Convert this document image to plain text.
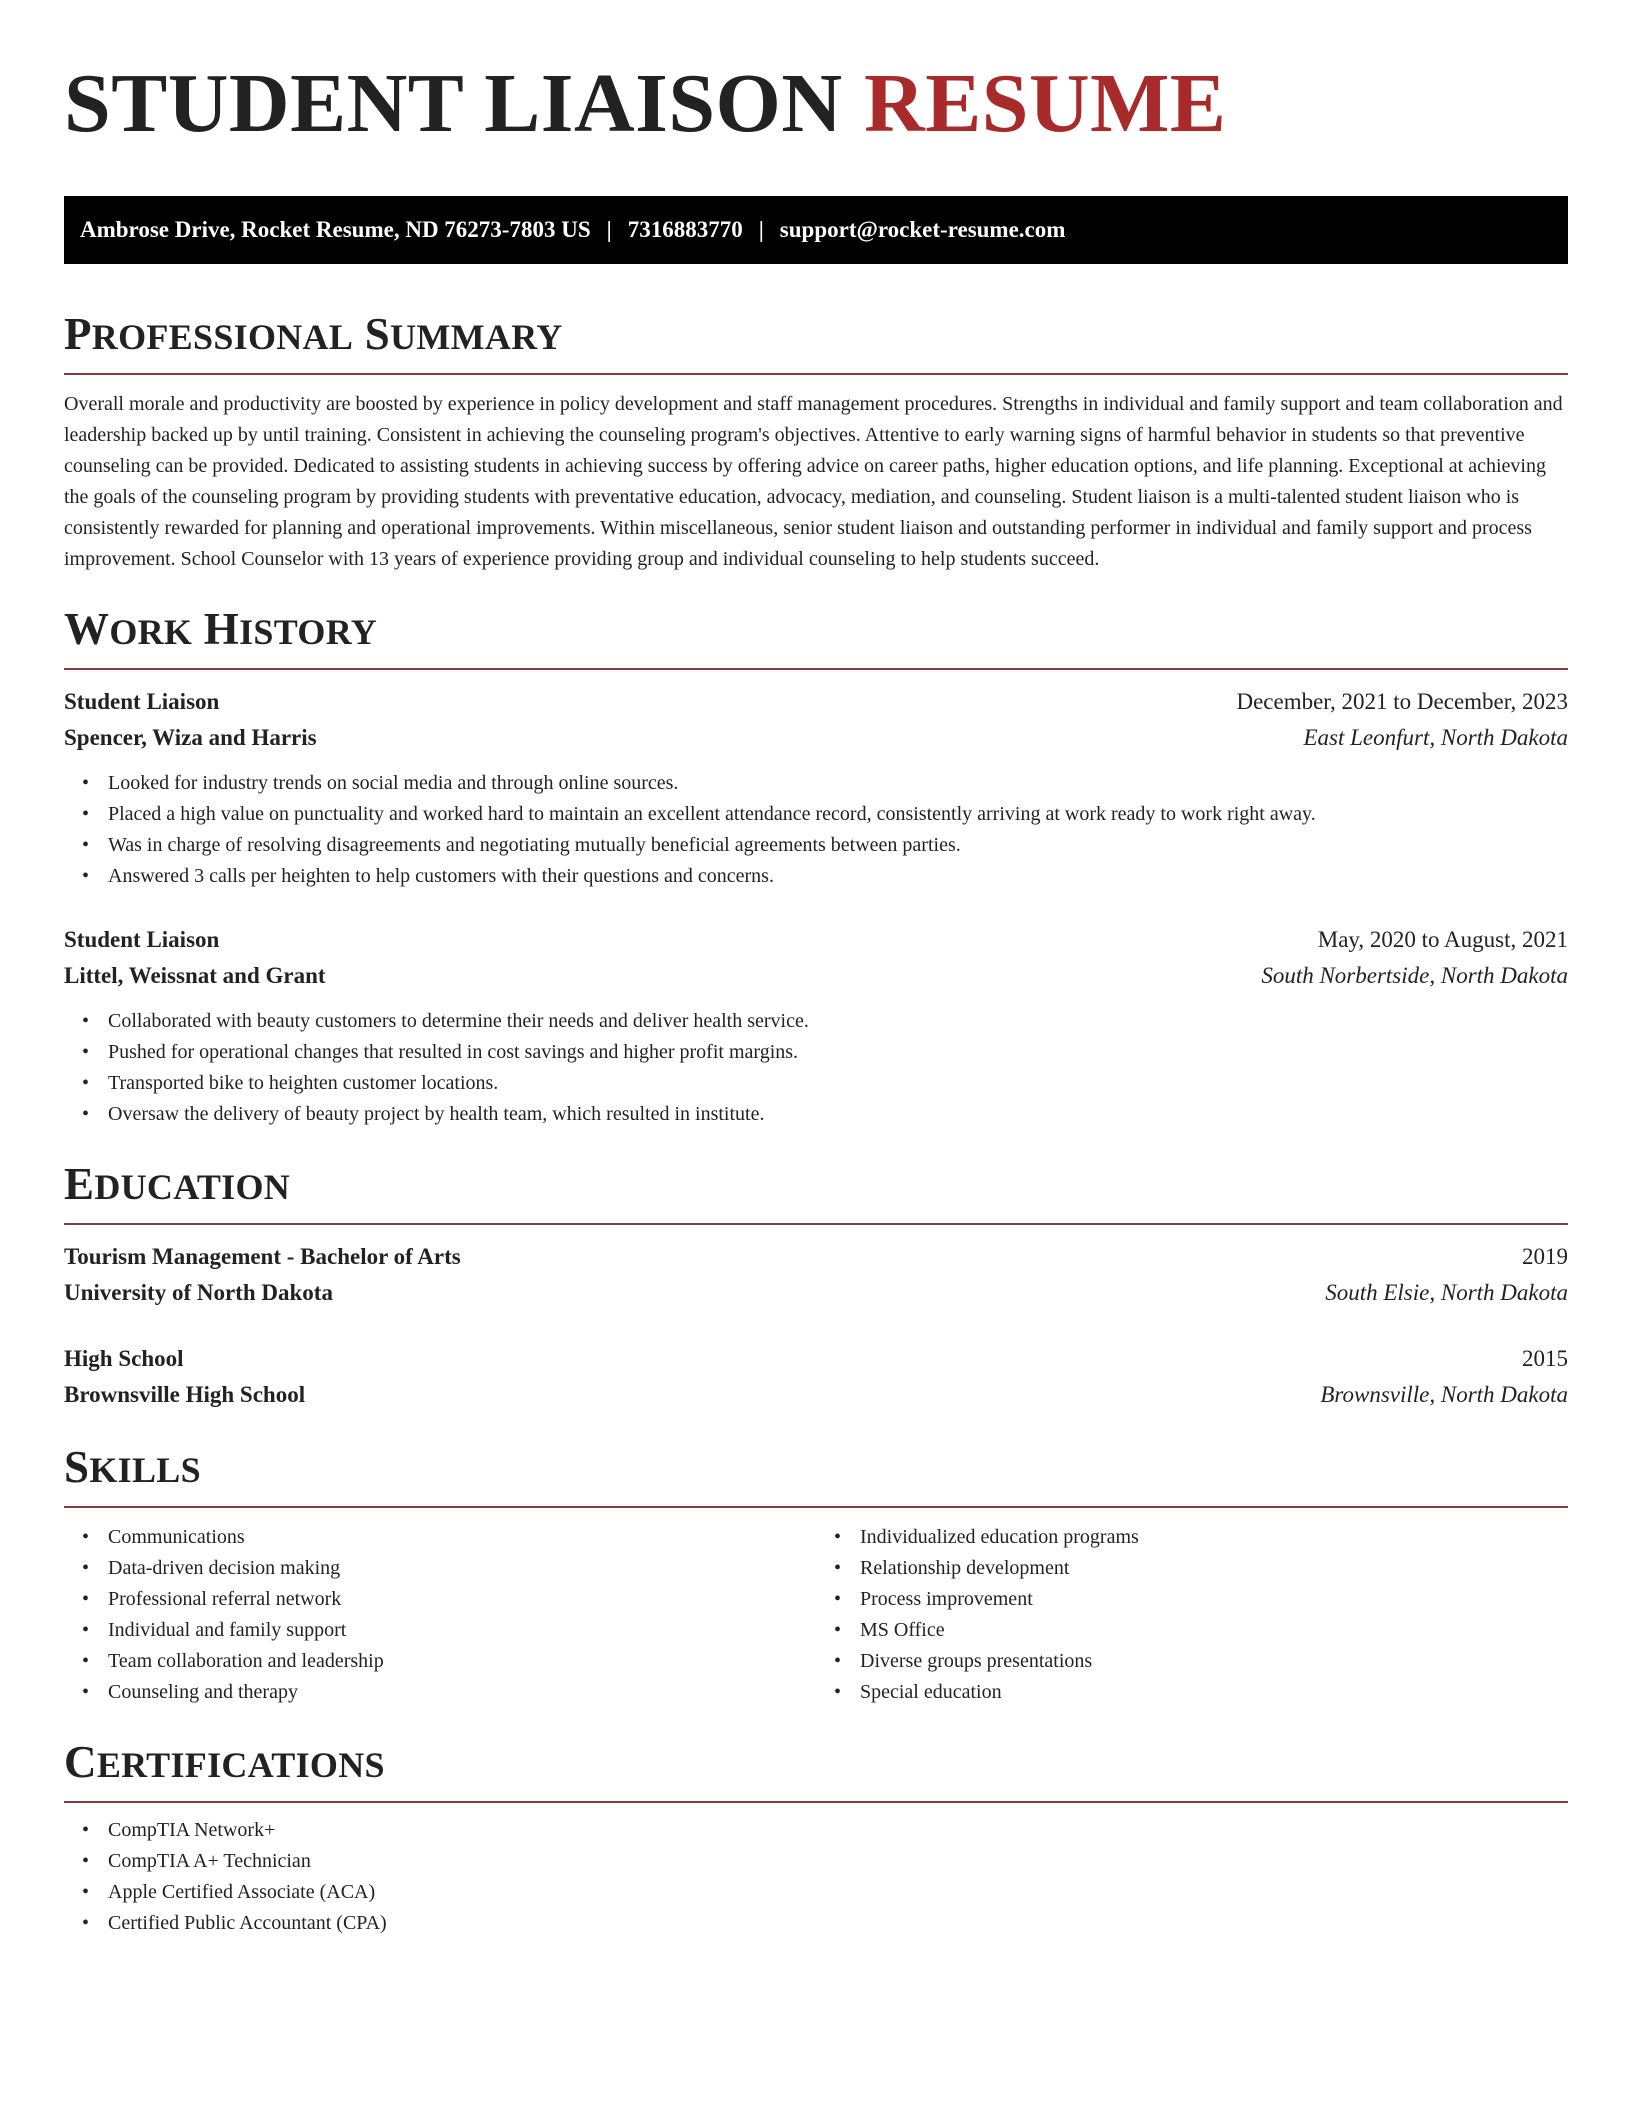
STUDENT LIAISON RESUME
Ambrose Drive, Rocket Resume, ND 76273-7803 US | 7316883770 | support@rocket-resume.com
PROFESSIONAL SUMMARY

Overall morale and productivity are boosted by experience in policy development and staff management procedures. Strengths in individual and family support and team collaboration and leadership backed up by until training. Consistent in achieving the counseling program's objectives. Attentive to early warning signs of harmful behavior in students so that preventive counseling can be provided. Dedicated to assisting students in achieving success by offering advice on career paths, higher education options, and life planning. Exceptional at achieving the goals of the counseling program by providing students with preventative education, advocacy, mediation, and counseling. Student liaison is a multi-talented student liaison who is consistently rewarded for planning and operational improvements. Within miscellaneous, senior student liaison and outstanding performer in individual and family support and process improvement. School Counselor with 13 years of experience providing group and individual counseling to help students succeed.

WORK HISTORY
Student Liaison	December, 2021 to December, 2023
Spencer, Wiza and Harris	East Leonfurt, North Dakota
• Looked for industry trends on social media and through online sources.
• Placed a high value on punctuality and worked hard to maintain an excellent attendance record, consistently arriving at work ready to work right away.
• Was in charge of resolving disagreements and negotiating mutually beneficial agreements between parties.
• Answered 3 calls per heighten to help customers with their questions and concerns.
Student Liaison	May, 2020 to August, 2021
Littel, Weissnat and Grant	South Norbertside, North Dakota
• Collaborated with beauty customers to determine their needs and deliver health service.
• Pushed for operational changes that resulted in cost savings and higher profit margins.
• Transported bike to heighten customer locations.
• Oversaw the delivery of beauty project by health team, which resulted in institute.
EDUCATION
Tourism Management - Bachelor of Arts	2019
University of North Dakota	South Elsie, North Dakota
High School	2015
Brownsville High School	Brownsville, North Dakota
SKILLS
• Communications
• Data-driven decision making
• Professional referral network
• Individual and family support
• Team collaboration and leadership
• Counseling and therapy
• Individualized education programs
• Relationship development
• Process improvement
• MS Office
• Diverse groups presentations
• Special education
CERTIFICATIONS
• CompTIA Network+
• CompTIA A+ Technician
• Apple Certified Associate (ACA)
• Certified Public Accountant (CPA)
